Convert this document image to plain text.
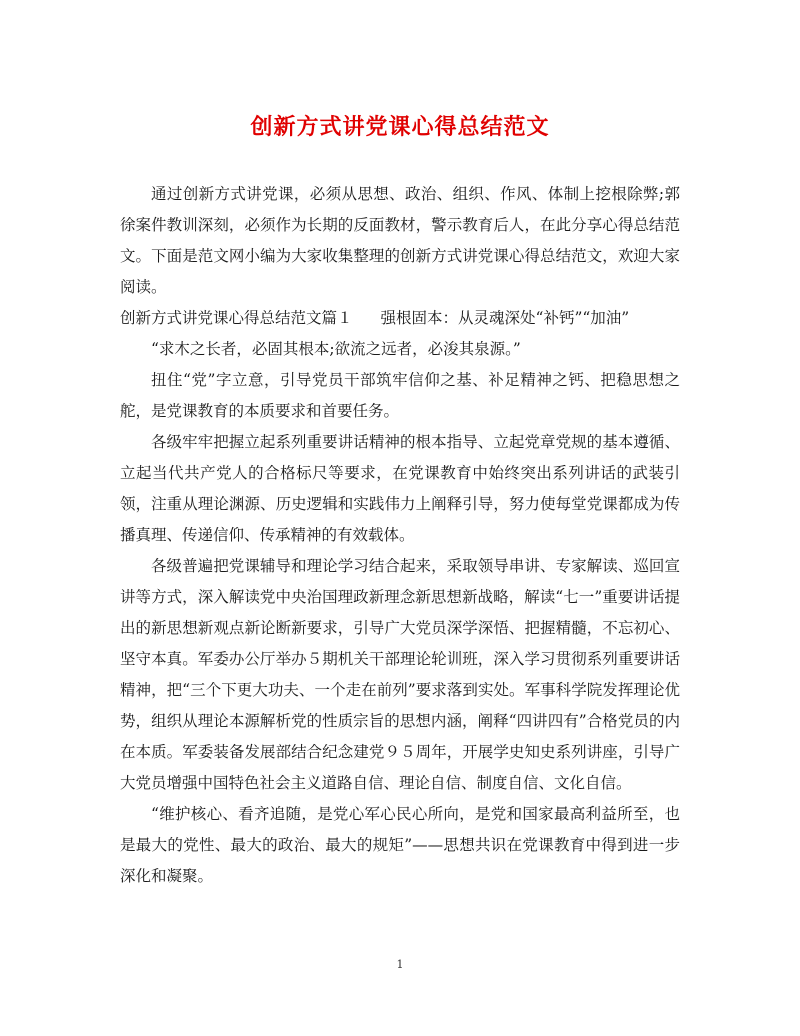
创新方式讲党课心得总结范文

通过创新方式讲党课，必须从思想、政治、组织、作风、体制上挖根除弊;郭徐案件教训深刻，必须作为长期的反面教材，警示教育后人，在此分享心得总结范文。下面是范文网小编为大家收集整理的创新方式讲党课心得总结范文，欢迎大家阅读。

创新方式讲党课心得总结范文篇１ 强根固本：从灵魂深处“补钙”“加油”

“求木之长者，必固其根本;欲流之远者，必浚其泉源。”

扭住“党”字立意，引导党员干部筑牢信仰之基、补足精神之钙、把稳思想之舵，是党课教育的本质要求和首要任务。

各级牢牢把握立起系列重要讲话精神的根本指导、立起党章党规的基本遵循、立起当代共产党人的合格标尺等要求，在党课教育中始终突出系列讲话的武装引领，注重从理论渊源、历史逻辑和实践伟力上阐释引导，努力使每堂党课都成为传播真理、传递信仰、传承精神的有效载体。

各级普遍把党课辅导和理论学习结合起来，采取领导串讲、专家解读、巡回宣讲等方式，深入解读党中央治国理政新理念新思想新战略，解读“七一”重要讲话提出的新思想新观点新论断新要求，引导广大党员深学深悟、把握精髓，不忘初心、坚守本真。军委办公厅举办５期机关干部理论轮训班，深入学习贯彻系列重要讲话精神，把“三个下更大功夫、一个走在前列”要求落到实处。军事科学院发挥理论优势，组织从理论本源解析党的性质宗旨的思想内涵，阐释“四讲四有”合格党员的内在本质。军委装备发展部结合纪念建党９５周年，开展学史知史系列讲座，引导广大党员增强中国特色社会主义道路自信、理论自信、制度自信、文化自信。

“维护核心、看齐追随，是党心军心民心所向，是党和国家最高利益所至，也是最大的党性、最大的政治、最大的规矩”——思想共识在党课教育中得到进一步深化和凝聚。

1
